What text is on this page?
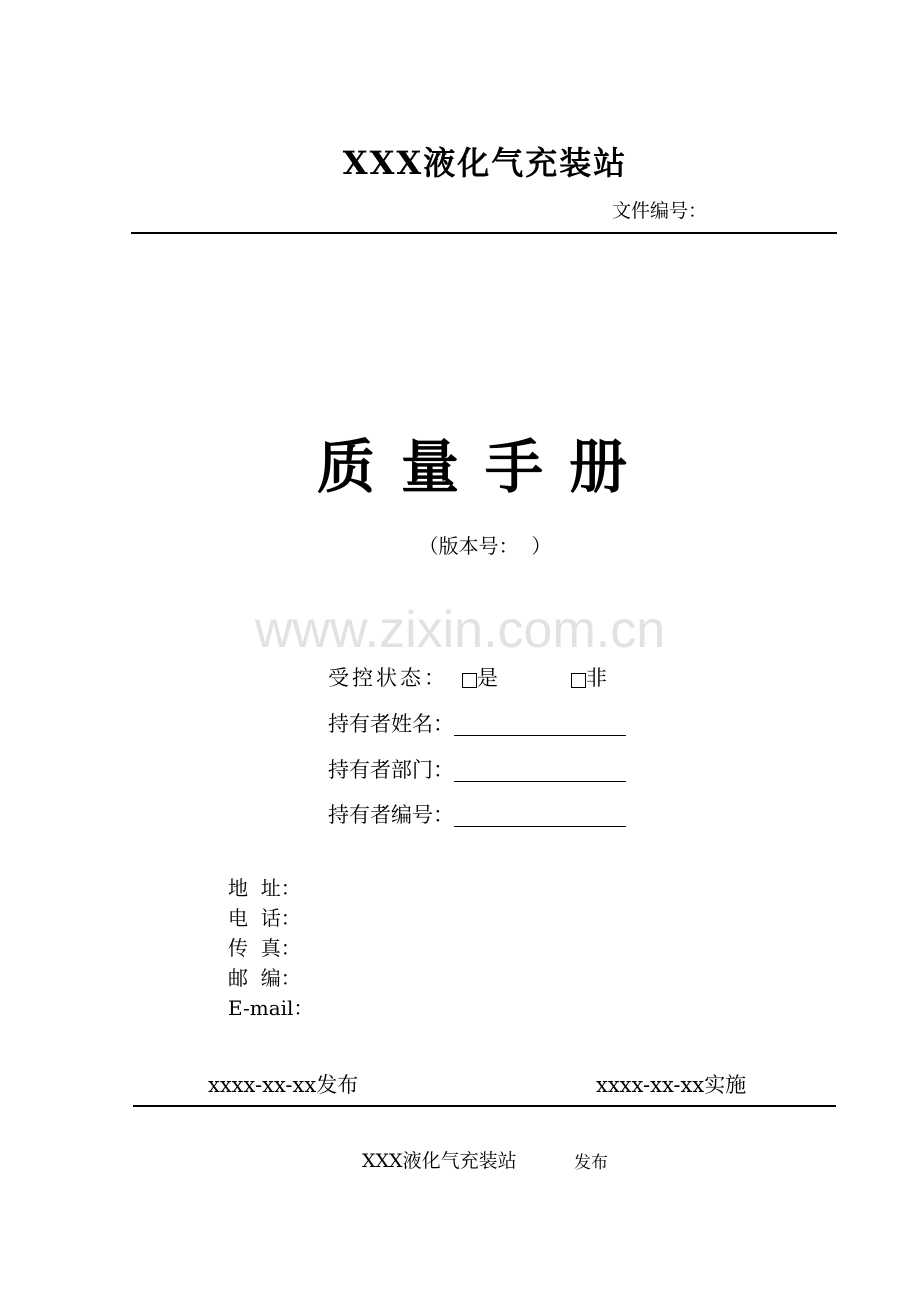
XXX液化气充装站
文件编号：
质量手册
（版本号：  ）
www.zixin.com.cn
受控状态： 是	非
持有者姓名：
持有者部门：
持有者编号：
地  址：
电  话：
传  真：
邮  编：
E-mail：
xxxx-xx-xx发布	xxxx-xx-xx实施
XXX液化气充装站	发布
